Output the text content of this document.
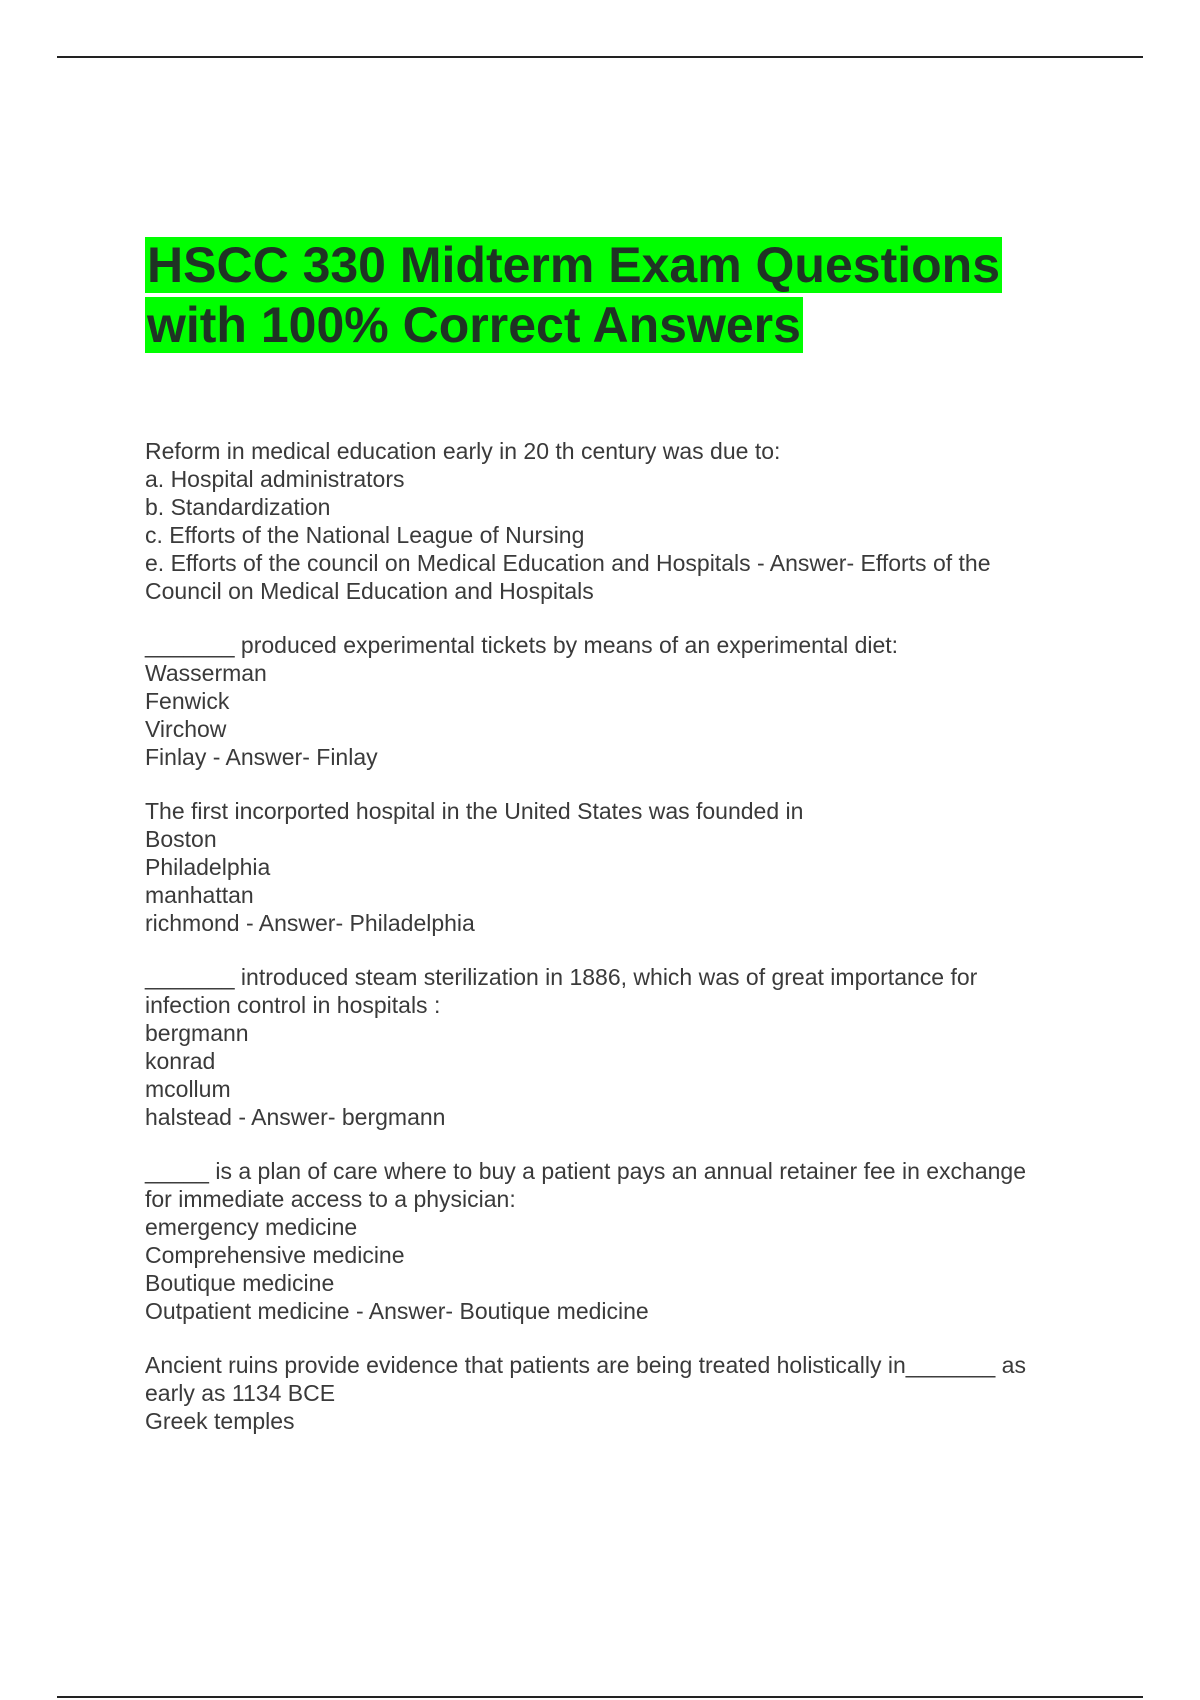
HSCC 330 Midterm Exam Questions
with 100% Correct Answers
Reform in medical education early in 20 th century was due to:
a. Hospital administrators
b. Standardization
c. Efforts of the National League of Nursing
e. Efforts of the council on Medical Education and Hospitals - Answer- Efforts of the
Council on Medical Education and Hospitals
_______ produced experimental tickets by means of an experimental diet:
Wasserman
Fenwick
Virchow
Finlay - Answer- Finlay
The first incorported hospital in the United States was founded in
Boston
Philadelphia
manhattan
richmond - Answer- Philadelphia
_______ introduced steam sterilization in 1886, which was of great importance for
infection control in hospitals :
bergmann
konrad
mcollum
halstead - Answer- bergmann
_____ is a plan of care where to buy a patient pays an annual retainer fee in exchange
for immediate access to a physician:
emergency medicine
Comprehensive medicine
Boutique medicine
Outpatient medicine - Answer- Boutique medicine
Ancient ruins provide evidence that patients are being treated holistically in_______ as
early as 1134 BCE
Greek temples
